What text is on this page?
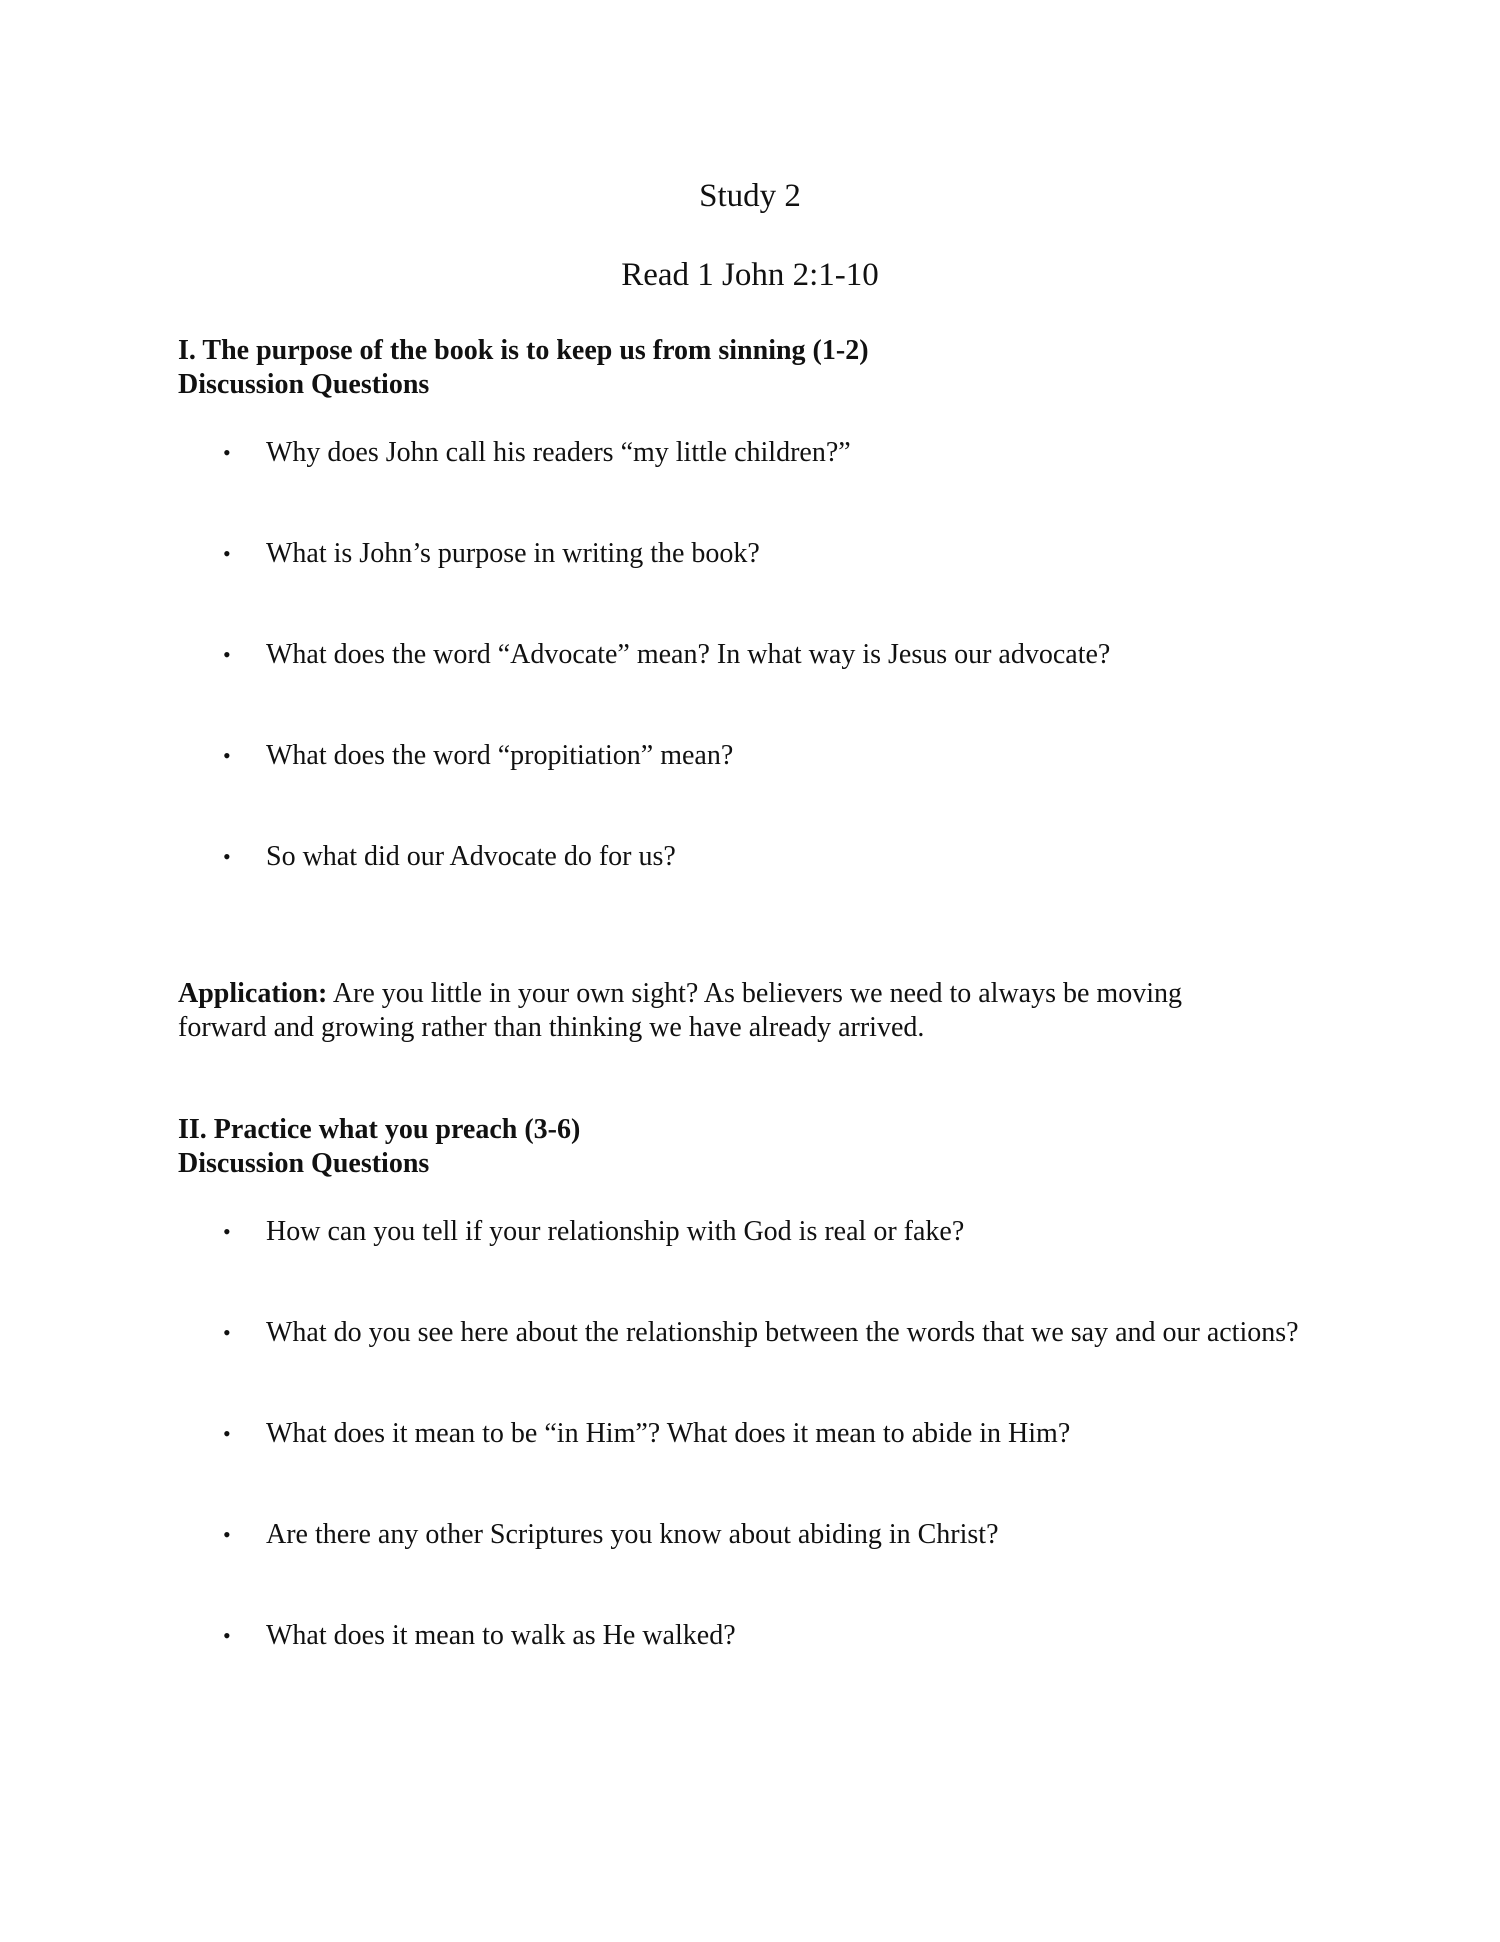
Study 2
Read 1 John 2:1-10
I. The purpose of the book is to keep us from sinning (1-2)
Discussion Questions
• Why does John call his readers “my little children?”
• What is John’s purpose in writing the book?
• What does the word “Advocate” mean? In what way is Jesus our advocate?
• What does the word “propitiation” mean?
• So what did our Advocate do for us?
Application: Are you little in your own sight? As believers we need to always be moving forward and growing rather than thinking we have already arrived.
II. Practice what you preach (3-6)
Discussion Questions
• How can you tell if your relationship with God is real or fake?
• What do you see here about the relationship between the words that we say and our actions?
• What does it mean to be “in Him”? What does it mean to abide in Him?
• Are there any other Scriptures you know about abiding in Christ?
• What does it mean to walk as He walked?
